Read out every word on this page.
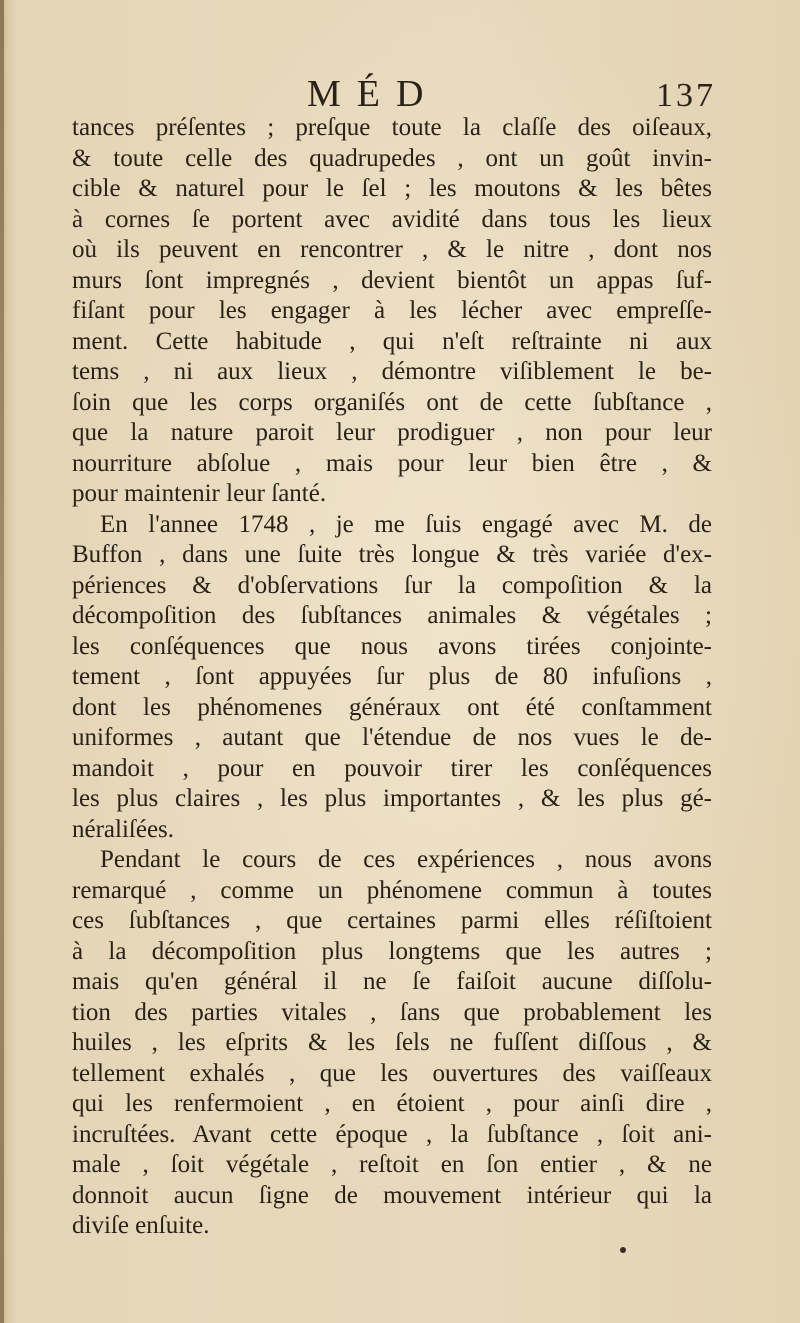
MÉD	137
tances préſentes ; preſque toute la claſſe des oiſeaux,
& toute celle des quadrupedes , ont un goût invin-
cible & naturel pour le ſel ; les moutons & les bêtes
à cornes ſe portent avec avidité dans tous les lieux
où ils peuvent en rencontrer , & le nitre , dont nos
murs ſont impregnés , devient bientôt un appas ſuf-
fiſant pour les engager à les lécher avec empreſſe-
ment. Cette habitude , qui n'eſt reſtrainte ni aux
tems , ni aux lieux , démontre viſiblement le be-
ſoin que les corps organiſés ont de cette ſubſtance ,
que la nature paroit leur prodiguer , non pour leur
nourriture abſolue , mais pour leur bien être , &
pour maintenir leur ſanté.
En l'annee 1748 , je me ſuis engagé avec M. de
Buffon , dans une ſuite très longue & très variée d'ex-
périences & d'obſervations ſur la compoſition & la
décompoſition des ſubſtances animales & végétales ;
les conſéquences que nous avons tirées conjointe-
tement , ſont appuyées ſur plus de 80 infuſions ,
dont les phénomenes généraux ont été conſtamment
uniformes , autant que l'étendue de nos vues le de-
mandoit , pour en pouvoir tirer les conſéquences
les plus claires , les plus importantes , & les plus gé-
néraliſées.
Pendant le cours de ces expériences , nous avons
remarqué , comme un phénomene commun à toutes
ces ſubſtances , que certaines parmi elles réſiſtoient
à la décompoſition plus longtems que les autres ;
mais qu'en général il ne ſe faiſoit aucune diſſolu-
tion des parties vitales , ſans que probablement les
huiles , les eſprits & les ſels ne fuſſent diſſous , &
tellement exhalés , que les ouvertures des vaiſſeaux
qui les renfermoient , en étoient , pour ainſi dire ,
incruſtées. Avant cette époque , la ſubſtance , ſoit ani-
male , ſoit végétale , reſtoit en ſon entier , & ne
donnoit aucun ſigne de mouvement intérieur qui la
diviſe enſuite.
